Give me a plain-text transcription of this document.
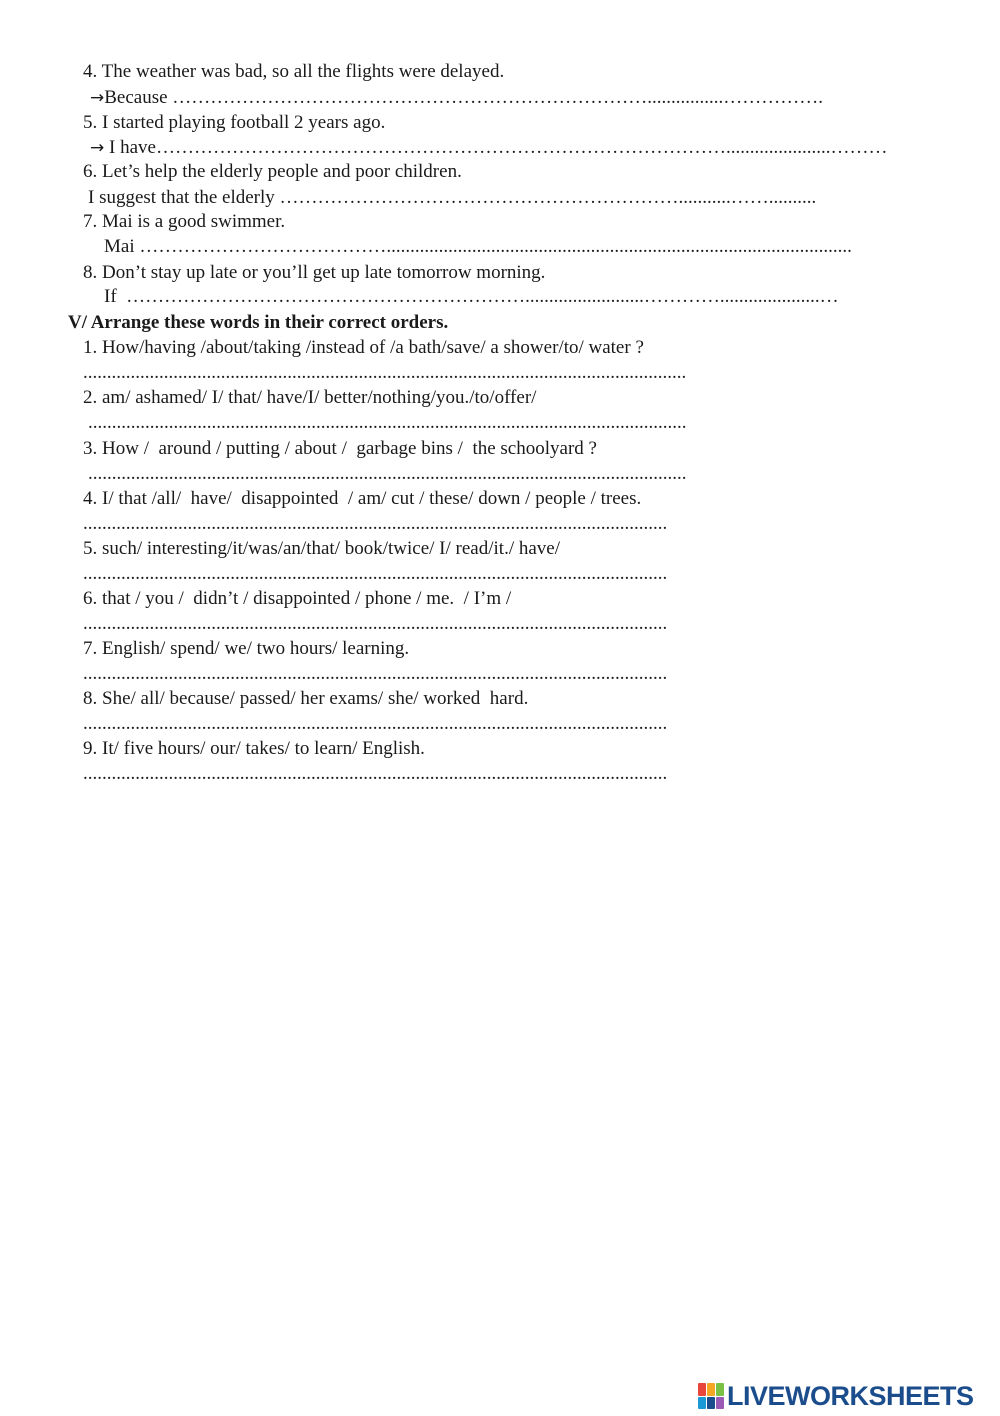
4. The weather was bad, so all the flights were delayed.
→Because …………………………………………………………………................…………….
5. I started playing football 2 years ago.
→ I have………………………………………………………………………………......................………
6. Let’s help the elderly people and poor children.
I suggest that the elderly ………………………………………………………...........……..........
7. Mai is a good swimmer.
Mai …………………………………..................................................................................................
8. Don’t stay up late or you’ll get up late tomorrow morning.
If  ……………………………………………………….........................………….....................…
V/ Arrange these words in their correct orders.
1. How/having /about/taking /instead of /a bath/save/ a shower/to/ water ?
...............................................................................................................................
2. am/ ashamed/ I/ that/ have/I/ better/nothing/you./to/offer/
..............................................................................................................................
3. How /  around / putting / about /  garbage bins /  the schoolyard ?
..............................................................................................................................
4. I/ that /all/  have/  disappointed  / am/ cut / these/ down / people / trees.
...........................................................................................................................
5. such/ interesting/it/was/an/that/ book/twice/ I/ read/it./ have/
...........................................................................................................................
6. that / you /  didn’t / disappointed / phone / me.  / I’m /
...........................................................................................................................
7. English/ spend/ we/ two hours/ learning.
...........................................................................................................................
8. She/ all/ because/ passed/ her exams/ she/ worked  hard.
...........................................................................................................................
9. It/ five hours/ our/ takes/ to learn/ English.
...........................................................................................................................
LIVEWORKSHEETS
